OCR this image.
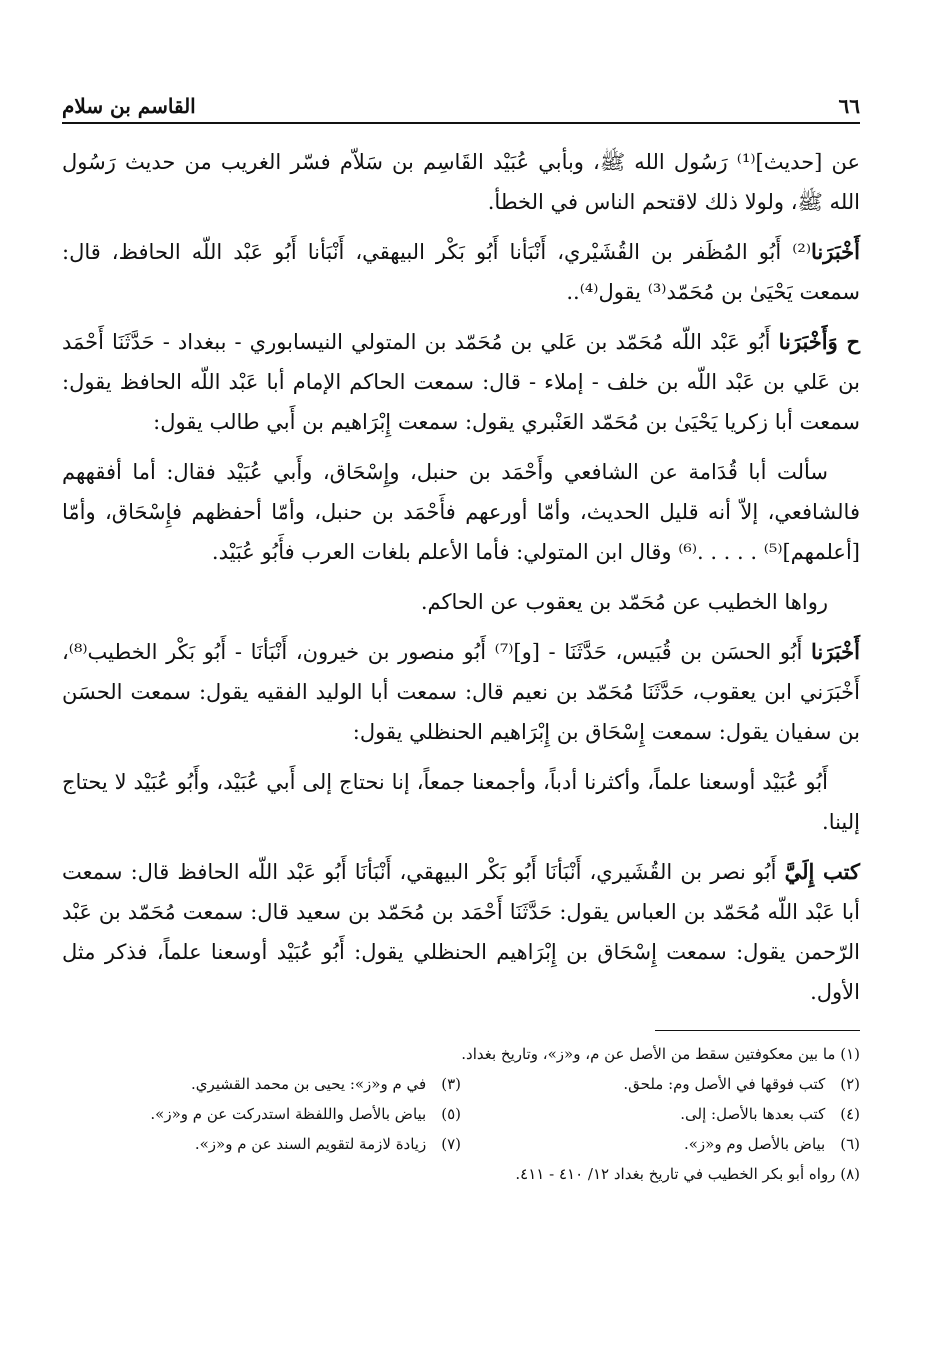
٦٦
القاسم بن سلام

عن [حديث]⁽¹⁾ رَسُول الله ﷺ، وبأبي عُبَيْد القَاسِم بن سَلاّم فسّر الغريب من حديث رَسُول الله ﷺ، ولولا ذلك لاقتحم الناس في الخطأ.

أَخْبَرَنا⁽²⁾ أَبُو المُظَفر بن القُشَيْري، أَنْبَأنا أَبُو بَكْر البيهقي، أَنْبَأنا أَبُو عَبْد اللّه الحافظ، قال: سمعت يَحْيَىٰ بن مُحَمّد⁽³⁾ يقول⁽⁴⁾..

ح وَأَخْبَرَنا أَبُو عَبْد اللّه مُحَمّد بن عَلي بن مُحَمّد بن المتولي النيسابوري - ببغداد - حَدَّثَنَا أَحْمَد بن عَلي بن عَبْد اللّه بن خلف - إملاء - قال: سمعت الحاكم الإمام أبا عَبْد اللّه الحافظ يقول: سمعت أبا زكريا يَحْيَىٰ بن مُحَمّد العَنْبري يقول: سمعت إِبْرَاهيم بن أَبي طالب يقول:

سألت أبا قُدَامة عن الشافعي وأَحْمَد بن حنبل، وإِسْحَاق، وأَبي عُبَيْد فقال: أما أفقههم فالشافعي، إلاّ أنه قليل الحديث، وأمّا أورعهم فأَحْمَد بن حنبل، وأمّا أحفظهم فإِسْحَاق، وأمّا [أعلمهم]⁽⁵⁾ . . . . .⁽⁶⁾ وقال ابن المتولي: فأما الأعلم بلغات العرب فأَبُو عُبَيْد.

رواها الخطيب عن مُحَمّد بن يعقوب عن الحاكم.

أَخْبَرَنا أَبُو الحسَن بن قُبَيس، حَدَّثَنَا - [و]⁽⁷⁾ أَبُو منصور بن خيرون، أَنْبَأنَا - أَبُو بَكْر الخطيب⁽⁸⁾، أَخْبَرَني ابن يعقوب، حَدَّثَنَا مُحَمّد بن نعيم قال: سمعت أبا الوليد الفقيه يقول: سمعت الحسَن بن سفيان يقول: سمعت إِسْحَاق بن إِبْرَاهيم الحنظلي يقول:

أَبُو عُبَيْد أوسعنا علماً، وأكثرنا أدباً، وأجمعنا جمعاً، إنا نحتاج إلى أَبي عُبَيْد، وأَبُو عُبَيْد لا يحتاج إلينا.

كتب إِلَيَّ أَبُو نصر بن القُشَيري، أَنْبَأنَا أَبُو بَكْر البيهقي، أَنْبَأنَا أَبُو عَبْد اللّه الحافظ قال: سمعت أبا عَبْد اللّه مُحَمّد بن العباس يقول: حَدَّثَنَا أَحْمَد بن مُحَمّد بن سعيد قال: سمعت مُحَمّد بن عَبْد الرّحمن يقول: سمعت إِسْحَاق بن إِبْرَاهيم الحنظلي يقول: أَبُو عُبَيْد أوسعنا علماً، فذكر مثل الأول.

(١) ما بين معكوفتين سقط من الأصل عن م، و«ز»، وتاريخ بغداد.
(٢) كتب فوقها في الأصل وم: ملحق.
(٣) في م و«ز»: يحيى بن محمد القشيري.
(٤) كتب بعدها بالأصل: إلى.
(٥) بياض بالأصل واللفظة استدركت عن م و«ز».
(٦) بياض بالأصل وم و«ز».
(٧) زيادة لازمة لتقويم السند عن م و«ز».
(٨) رواه أبو بكر الخطيب في تاريخ بغداد ١٢/ ٤١٠ - ٤١١.
